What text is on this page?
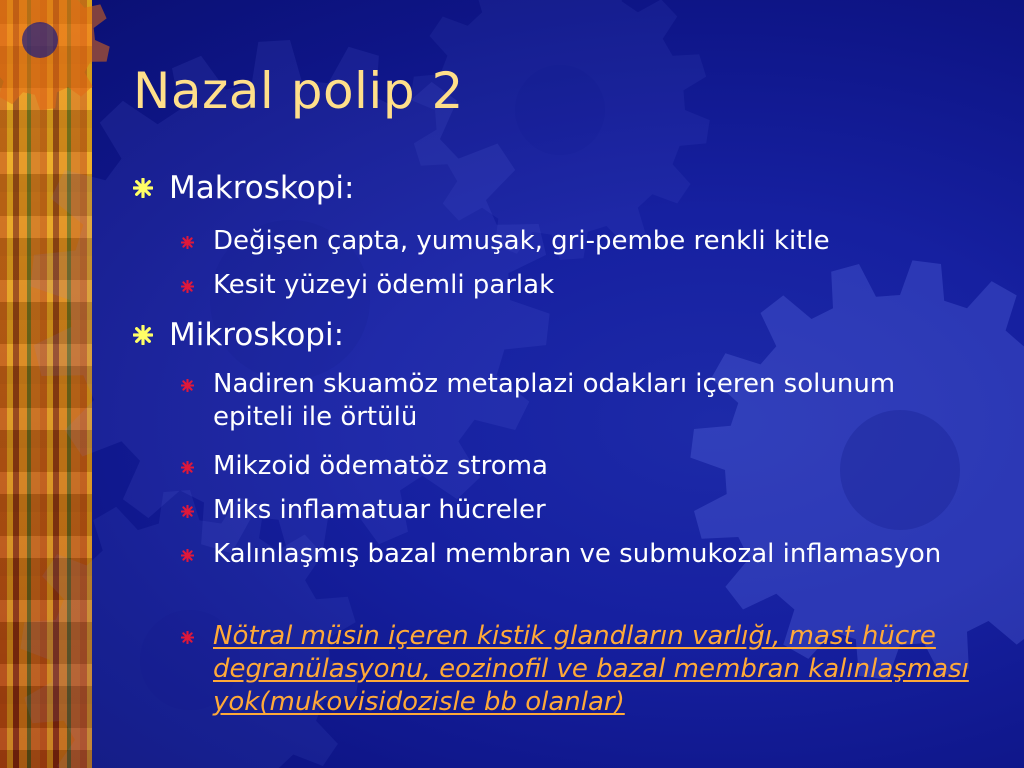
Nazal polip 2
Makroskopi:
Değişen çapta, yumuşak, gri-pembe renkli kitle
Kesit yüzeyi ödemli parlak
Mikroskopi:
Nadiren skuamöz metaplazi odakları içeren solunum epiteli ile örtülü
Mikzoid ödematöz stroma
Miks inflamatuar hücreler
Kalınlaşmış bazal membran ve submukozal inflamasyon
Nötral müsin içeren kistik glandların varlığı, mast hücre degranülasyonu, eozinofil ve bazal membran kalınlaşması yok(mukovisidozisle bb olanlar)
